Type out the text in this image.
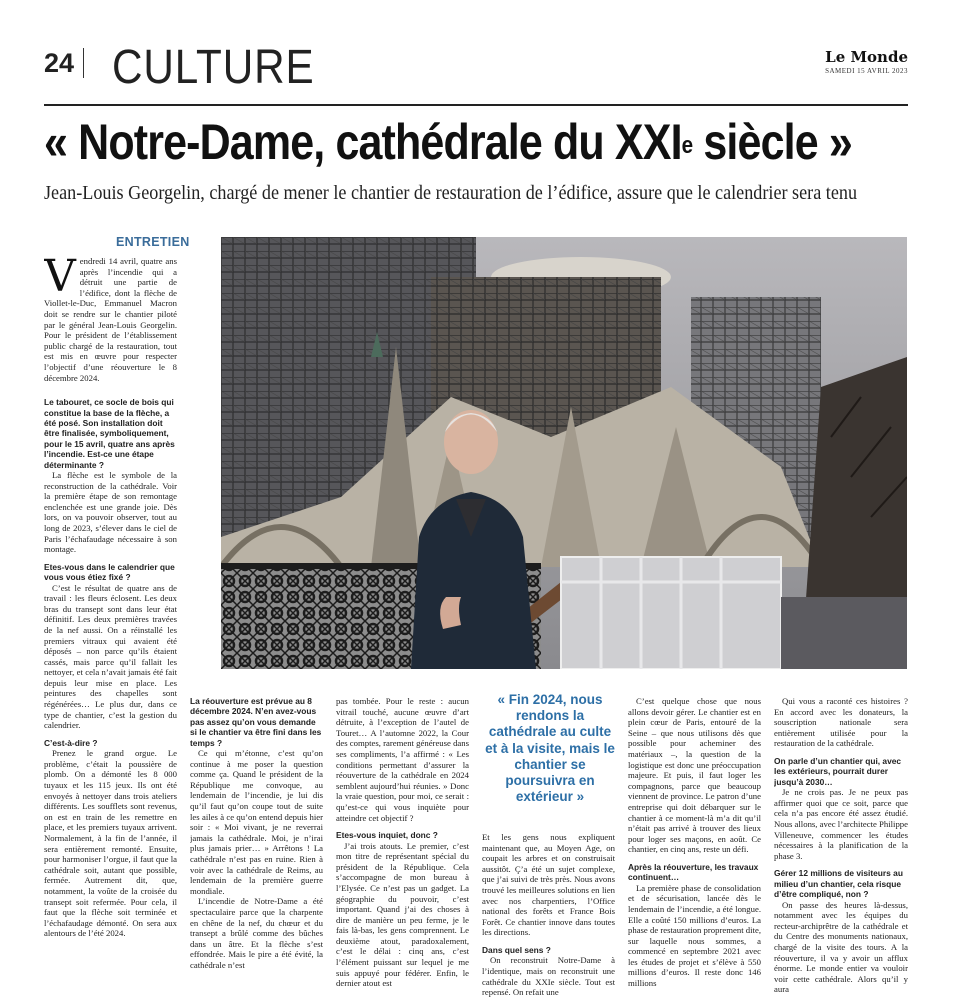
24 CULTURE	Le Monde
SAMEDI 15 AVRIL 2023
« Notre-Dame, cathédrale du XXIe siècle »
Jean-Louis Georgelin, chargé de mener le chantier de restauration de l’édifice, assure que le calendrier sera tenu
ENTRETIEN

Vendredi 14 avril, quatre ans après l’incendie qui a détruit une partie de l’édifice, dont la flèche de Viollet-le-Duc, Emmanuel Macron doit se rendre sur le chantier piloté par le général Jean-Louis Georgelin. Pour le président de l’établissement public chargé de la restauration, tout est mis en œuvre pour respecter l’objectif d’une réouverture le 8 décembre 2024.

Le tabouret, ce socle de bois qui constitue la base de la flèche, a été posé. Son installation doit être finalisée, symboliquement, pour le 15 avril, quatre ans après l’incendie. Est-ce une étape déterminante ?

La flèche est le symbole de la reconstruction de la cathédrale. Voir la première étape de son remontage enclenchée est une grande joie. Dès lors, on va pouvoir observer, tout au long de 2023, s’élever dans le ciel de Paris l’échafaudage nécessaire à son montage.

Etes-vous dans le calendrier que vous vous étiez fixé ?

C’est le résultat de quatre ans de travail : les fleurs éclosent. Les deux bras du transept sont dans leur état définitif. Les deux premières travées de la nef aussi. On a réinstallé les premiers vitraux qui avaient été déposés – non parce qu’ils étaient cassés, mais parce qu’il fallait les nettoyer, et cela n’avait jamais été fait depuis leur mise en place. Les peintures des chapelles sont régénérées… Le plus dur, dans ce type de chantier, c’est la gestion du calendrier.

C’est-à-dire ?

Prenez le grand orgue. Le problème, c’était la poussière de plomb. On a démonté les 8 000 tuyaux et les 115 jeux. Ils ont été envoyés à nettoyer dans trois ateliers différents. Les soufflets sont revenus, on est en train de les remettre en place, et les premiers tuyaux arrivent. Normalement, à la fin de l’année, il sera entièrement remonté. Ensuite, pour harmoniser l’orgue, il faut que la cathédrale soit, autant que possible, fermée. Autrement dit, que, notamment, la voûte de la croisée du transept soit refermée. Pour cela, il faut que la flèche soit terminée et l’échafaudage démonté. On sera aux alentours de l’été 2024.

La réouverture est prévue au 8 décembre 2024. N’en avez-vous pas assez qu’on vous demande si le chantier va être fini dans les temps ?

Ce qui m’étonne, c’est qu’on continue à me poser la question comme ça. Quand le président de la République me convoque, au lendemain de l’incendie, je lui dis qu’il faut qu’on coupe tout de suite les ailes à ce qu’on entend depuis hier soir : « Moi vivant, je ne reverrai jamais la cathédrale. Moi, je n’irai plus jamais prier… » Arrêtons ! La cathédrale n’est pas en ruine. Rien à voir avec la cathédrale de Reims, au lendemain de la première guerre mondiale.

L’incendie de Notre-Dame a été spectaculaire parce que la charpente en chêne de la nef, du chœur et du transept a brûlé comme des bûches dans un âtre. Et la flèche s’est effondrée. Mais le pire a été évité, la cathédrale n’est

pas tombée. Pour le reste : aucun vitrail touché, aucune œuvre d’art détruite, à l’exception de l’autel de Touret… A l’automne 2022, la Cour des comptes, rarement généreuse dans ses compliments, l’a affirmé : « Les conditions permettant d’assurer la réouverture de la cathédrale en 2024 semblent aujourd’hui réunies. » Donc la vraie question, pour moi, ce serait : qu’est-ce qui vous inquiète pour atteindre cet objectif ?

Etes-vous inquiet, donc ?

J’ai trois atouts. Le premier, c’est mon titre de représentant spécial du président de la République. Cela s’accompagne de mon bureau à l’Elysée. Ce n’est pas un gadget. La géographie du pouvoir, c’est important. Quand j’ai des choses à dire de manière un peu ferme, je le fais là-bas, les gens comprennent. Le deuxième atout, paradoxalement, c’est le délai : cinq ans, c’est l’élément puissant sur lequel je me suis appuyé pour fédérer. Enfin, le dernier atout est

« Fin 2024, nous rendons la cathédrale au culte et à la visite, mais le chantier se poursuivra en extérieur »

Et les gens nous expliquent maintenant que, au Moyen Age, on coupait les arbres et on construisait aussitôt. Ç’a été un sujet complexe, que j’ai suivi de très près. Nous avons trouvé les meilleures solutions en lien avec nos charpentiers, l’Office national des forêts et France Bois Forêt. Ce chantier innove dans toutes les directions.

Dans quel sens ?

On reconstruit Notre-Dame à l’identique, mais on reconstruit une cathédrale du XXIe siècle. Tout est repensé. On refait une

C’est quelque chose que nous allons devoir gérer. Le chantier est en plein cœur de Paris, entouré de la Seine – que nous utilisons dès que possible pour acheminer des matériaux –, la question de la logistique est donc une préoccupation majeure. Et puis, il faut loger les compagnons, parce que beaucoup viennent de province. Le patron d’une entreprise qui doit débarquer sur le chantier à ce moment-là m’a dit qu’il n’était pas arrivé à trouver des lieux pour loger ses maçons, en août. Ce chantier, en cinq ans, reste un défi.

Après la réouverture, les travaux continuent…

La première phase de consolidation et de sécurisation, lancée dès le lendemain de l’incendie, a été longue. Elle a coûté 150 millions d’euros. La phase de restauration proprement dite, sur laquelle nous sommes, a commencé en septembre 2021 avec les études de projet et s’élève à 550 millions d’euros. Il reste donc 146 millions

Qui vous a raconté ces histoires ? En accord avec les donateurs, la souscription nationale sera entièrement utilisée pour la restauration de la cathédrale.

On parle d’un chantier qui, avec les extérieurs, pourrait durer jusqu’à 2030…

Je ne crois pas. Je ne peux pas affirmer quoi que ce soit, parce que cela n’a pas encore été assez étudié. Nous allons, avec l’architecte Philippe Villeneuve, commencer les études nécessaires à la planification de la phase 3.

Gérer 12 millions de visiteurs au milieu d’un chantier, cela risque d’être compliqué, non ?

On passe des heures là-dessus, notamment avec les équipes du recteur-archiprêtre de la cathédrale et du Centre des monuments nationaux, chargé de la visite des tours. A la réouverture, il va y avoir un afflux énorme. Le monde entier va vouloir voir cette cathédrale. Alors qu’il y aura
